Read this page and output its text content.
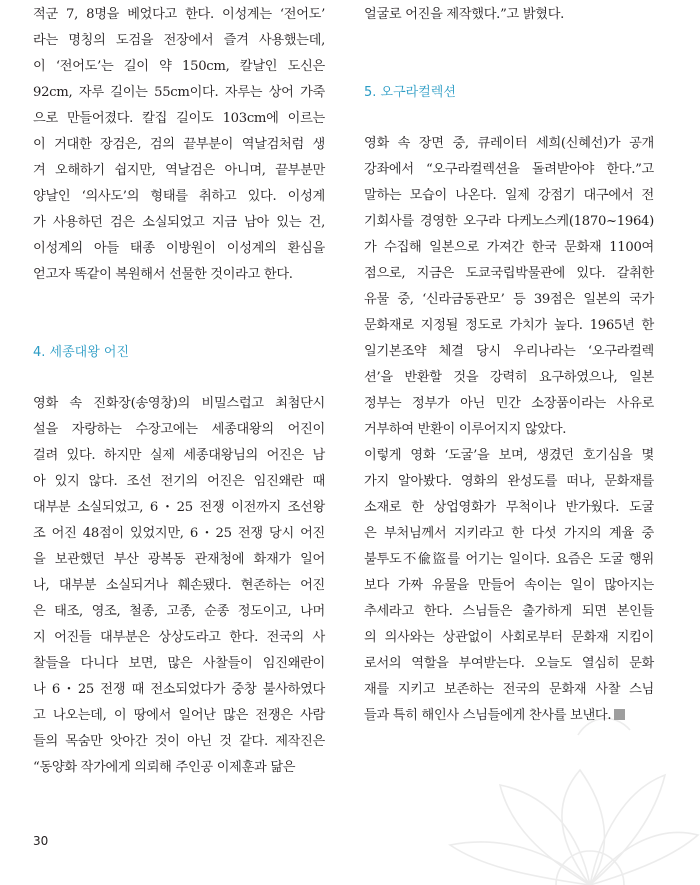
적군 7, 8명을 베었다고 한다. 이성계는 ‘전어도’
라는 명칭의 도검을 전장에서 즐겨 사용했는데,
이 ‘전어도’는 길이 약 150cm, 칼날인 도신은
92cm, 자루 길이는 55cm이다. 자루는 상어 가죽
으로 만들어졌다. 칼집 길이도 103cm에 이르는
이 거대한 장검은, 검의 끝부분이 역날검처럼 생
겨 오해하기 쉽지만, 역날검은 아니며, 끝부분만
양날인 ‘의사도’의 형태를 취하고 있다. 이성계
가 사용하던 검은 소실되었고 지금 남아 있는 건,
이성계의 아들 태종 이방원이 이성계의 환심을
얻고자 똑같이 복원해서 선물한 것이라고 한다.
4. 세종대왕 어진
영화 속 진화장(송영창)의 비밀스럽고 최첨단시
설을 자랑하는 수장고에는 세종대왕의 어진이
걸려 있다. 하지만 실제 세종대왕님의 어진은 남
아 있지 않다. 조선 전기의 어진은 임진왜란 때
대부분 소실되었고, 6・25 전쟁 이전까지 조선왕
조 어진 48점이 있었지만, 6・25 전쟁 당시 어진
을 보관했던 부산 광복동 관재청에 화재가 일어
나, 대부분 소실되거나 훼손됐다. 현존하는 어진
은 태조, 영조, 철종, 고종, 순종 정도이고, 나머
지 어진들 대부분은 상상도라고 한다. 전국의 사
찰들을 다니다 보면, 많은 사찰들이 임진왜란이
나 6・25 전쟁 때 전소되었다가 중창 불사하였다
고 나오는데, 이 땅에서 일어난 많은 전쟁은 사람
들의 목숨만 앗아간 것이 아닌 것 같다. 제작진은
“동양화 작가에게 의뢰해 주인공 이제훈과 닮은
얼굴로 어진을 제작했다.”고 밝혔다.
5. 오구라컬렉션
영화 속 장면 중, 큐레이터 세희(신혜선)가 공개
강좌에서 “오구라컬렉션을 돌려받아야 한다.”고
말하는 모습이 나온다. 일제 강점기 대구에서 전
기회사를 경영한 오구라 다케노스케(1870~1964)
가 수집해 일본으로 가져간 한국 문화재 1100여
점으로, 지금은 도쿄국립박물관에 있다. 갈취한
유물 중, ‘신라금동관모’ 등 39점은 일본의 국가
문화재로 지정될 정도로 가치가 높다. 1965년 한
일기본조약 체결 당시 우리나라는 ‘오구라컬렉
션’을 반환할 것을 강력히 요구하였으나, 일본
정부는 정부가 아닌 민간 소장품이라는 사유로
거부하여 반환이 이루어지지 않았다.
이렇게 영화 ‘도굴’을 보며, 생겼던 호기심을 몇
가지 알아봤다. 영화의 완성도를 떠나, 문화재를
소재로 한 상업영화가 무척이나 반가웠다. 도굴
은 부처님께서 지키라고 한 다섯 가지의 계율 중
불투도不偸盜를 어기는 일이다. 요즘은 도굴 행위
보다 가짜 유물을 만들어 속이는 일이 많아지는
추세라고 한다. 스님들은 출가하게 되면 본인들
의 의사와는 상관없이 사회로부터 문화재 지킴이
로서의 역할을 부여받는다. 오늘도 열심히 문화
재를 지키고 보존하는 전국의 문화재 사찰 스님
들과 특히 해인사 스님들에게 찬사를 보낸다.
30
